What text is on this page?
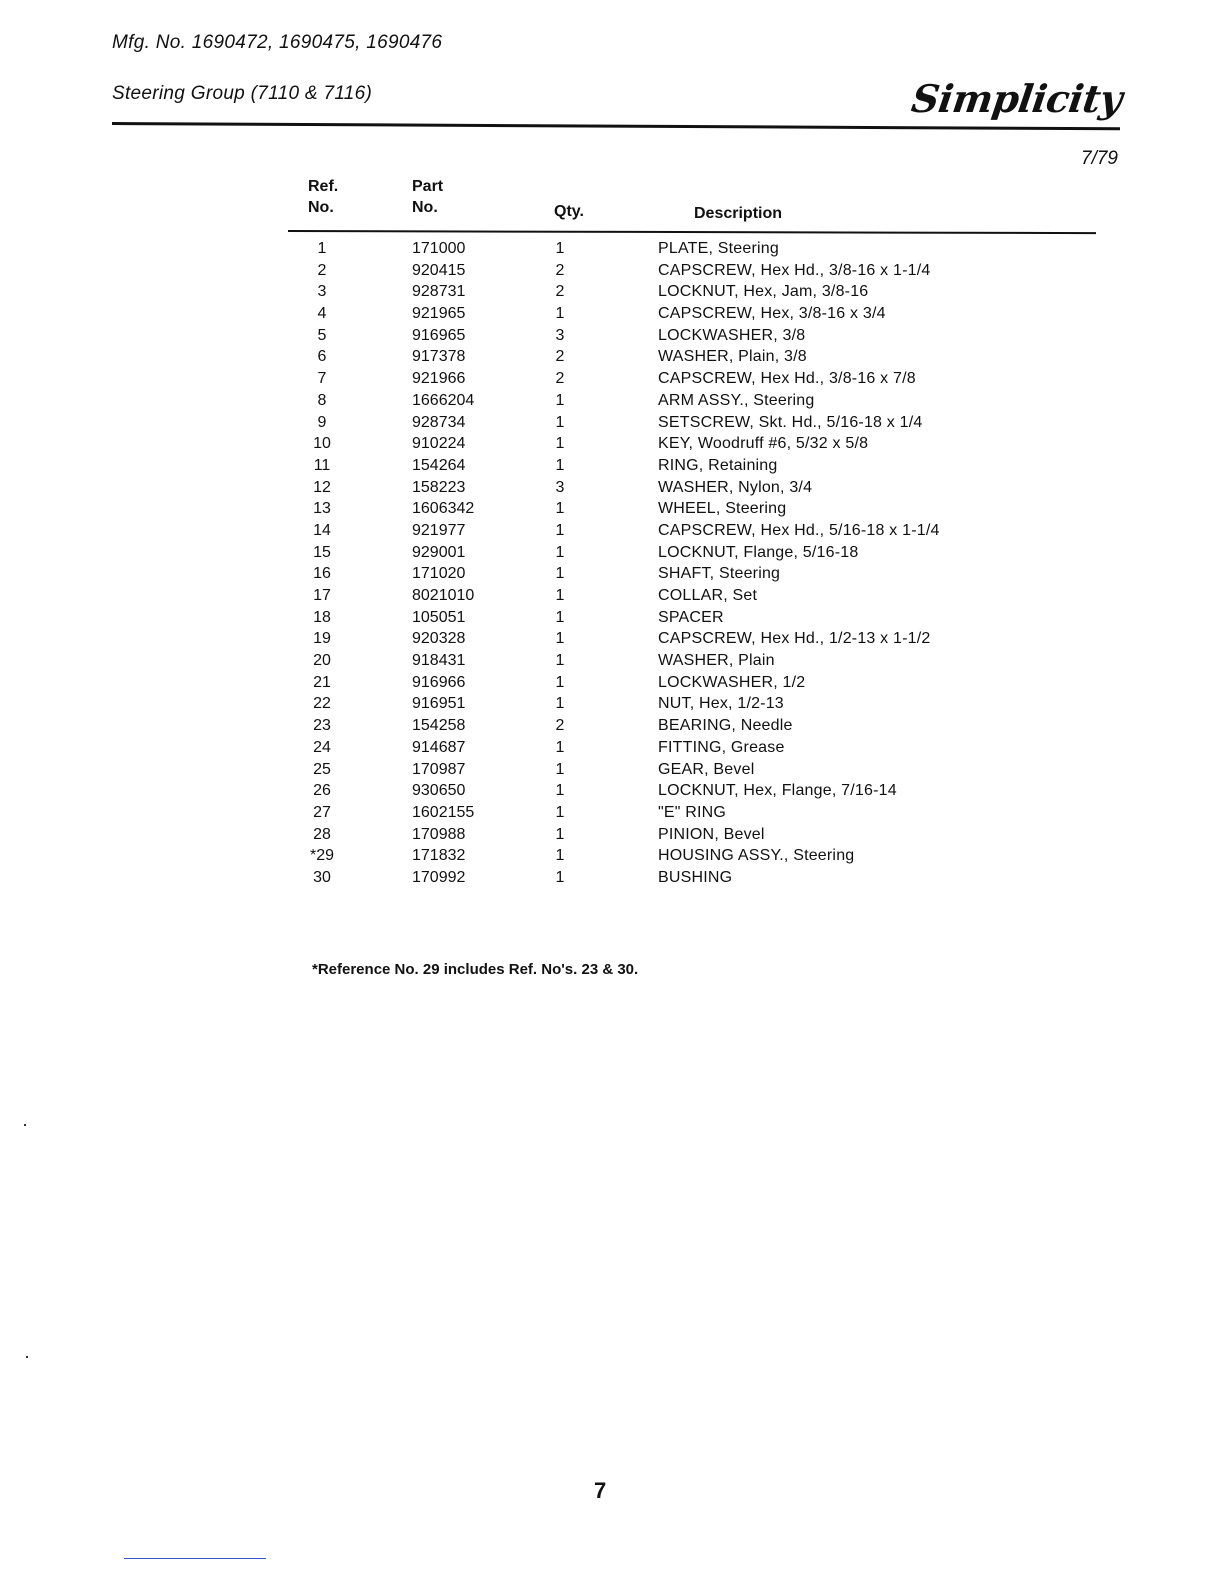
Mfg. No. 1690472, 1690475, 1690476
Steering Group (7110 & 7116)	Simplicity
7/79
Ref.
No.
Part
No.	Qty.	Description
1	171000	1	PLATE, Steering
2	920415	2	CAPSCREW, Hex Hd., 3/8-16 x 1-1/4
3	928731	2	LOCKNUT, Hex, Jam, 3/8-16
4	921965	1	CAPSCREW, Hex, 3/8-16 x 3/4
5	916965	3	LOCKWASHER, 3/8
6	917378	2	WASHER, Plain, 3/8
7	921966	2	CAPSCREW, Hex Hd., 3/8-16 x 7/8
8	1666204	1	ARM ASSY., Steering
9	928734	1	SETSCREW, Skt. Hd., 5/16-18 x 1/4
10	910224	1	KEY, Woodruff #6, 5/32 x 5/8
11	154264	1	RING, Retaining
12	158223	3	WASHER, Nylon, 3/4
13	1606342	1	WHEEL, Steering
14	921977	1	CAPSCREW, Hex Hd., 5/16-18 x 1-1/4
15	929001	1	LOCKNUT, Flange, 5/16-18
16	171020	1	SHAFT, Steering
17	8021010	1	COLLAR, Set
18	105051	1	SPACER
19	920328	1	CAPSCREW, Hex Hd., 1/2-13 x 1-1/2
20	918431	1	WASHER, Plain
21	916966	1	LOCKWASHER, 1/2
22	916951	1	NUT, Hex, 1/2-13
23	154258	2	BEARING, Needle
24	914687	1	FITTING, Grease
25	170987	1	GEAR, Bevel
26	930650	1	LOCKNUT, Hex, Flange, 7/16-14
27	1602155	1	"E" RING
28	170988	1	PINION, Bevel
*29	171832	1	HOUSING ASSY., Steering
30	170992	1	BUSHING
*Reference No. 29 includes Ref. No's. 23 & 30.
7
